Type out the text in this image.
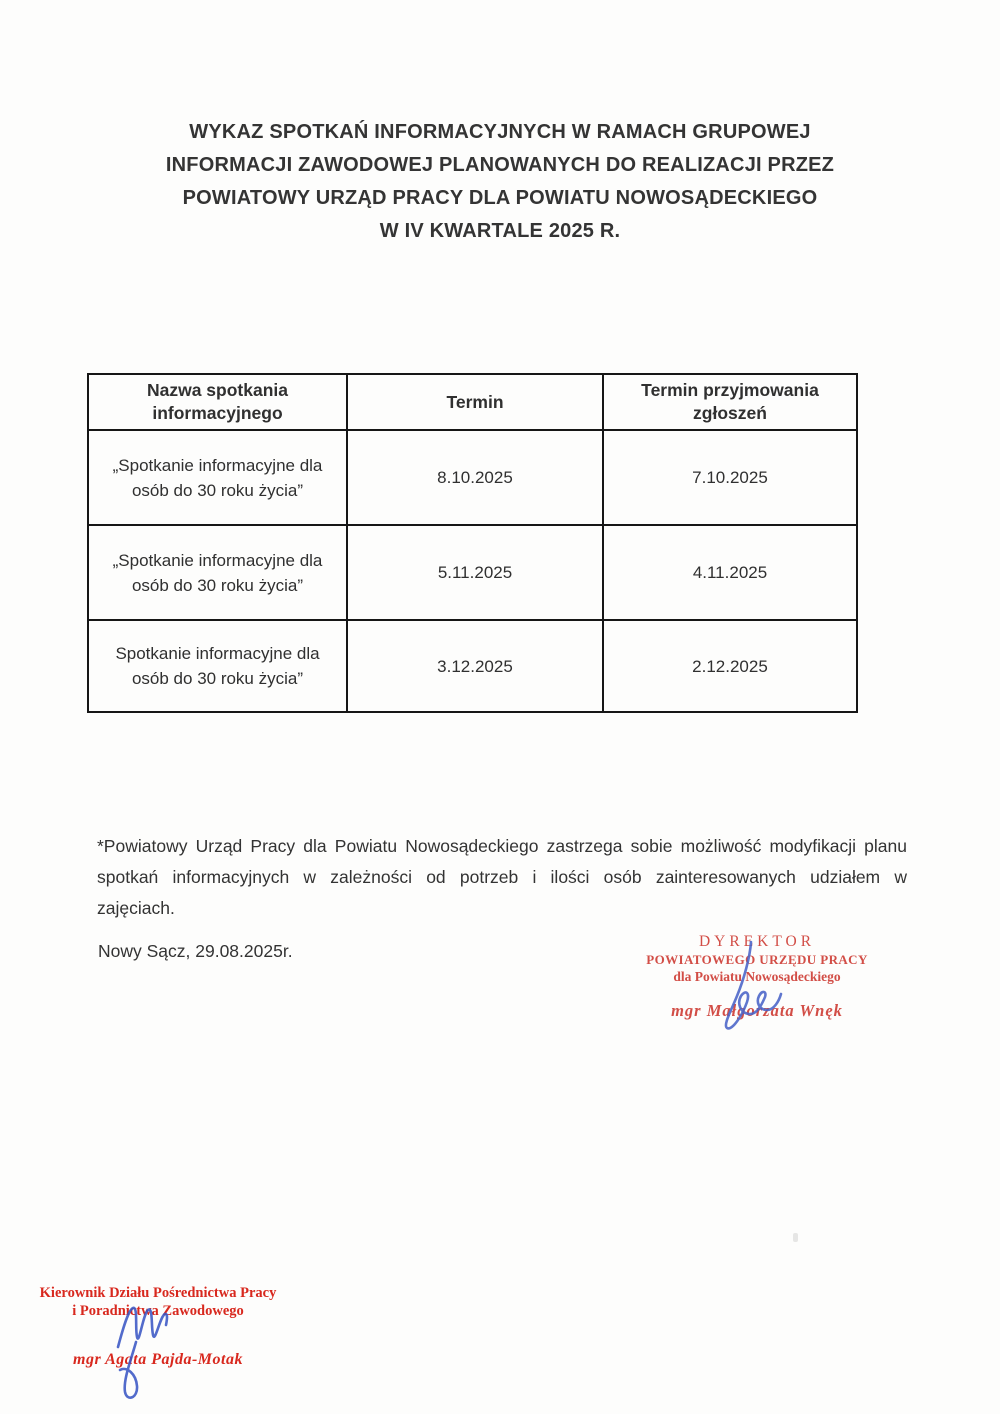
WYKAZ SPOTKAŃ INFORMACYJNYCH W RAMACH GRUPOWEJ
INFORMACJI ZAWODOWEJ PLANOWANYCH DO REALIZACJI PRZEZ
POWIATOWY URZĄD PRACY DLA POWIATU NOWOSĄDECKIEGO
W IV KWARTALE 2025 R.
Nazwa spotkania informacyjnego	Termin	Termin przyjmowania zgłoszeń
„Spotkanie informacyjne dla osób do 30 roku życia”	8.10.2025	7.10.2025
„Spotkanie informacyjne dla osób do 30 roku życia”	5.11.2025	4.11.2025
Spotkanie informacyjne dla osób do 30 roku życia”	3.12.2025	2.12.2025

*Powiatowy Urząd Pracy dla Powiatu Nowosądeckiego zastrzega sobie możliwość modyfikacji planu spotkań informacyjnych w zależności od potrzeb i ilości osób zainteresowanych udziałem w zajęciach.

Nowy Sącz, 29.08.2025r.	DYREKTOR
POWIATOWEGO URZĘDU PRACY
dla Powiatu Nowosądeckiego
mgr Małgorzata Wnęk
Kierownik Działu Pośrednictwa Pracy
i Poradnictwa Zawodowego
mgr Agata Pajda-Motak
